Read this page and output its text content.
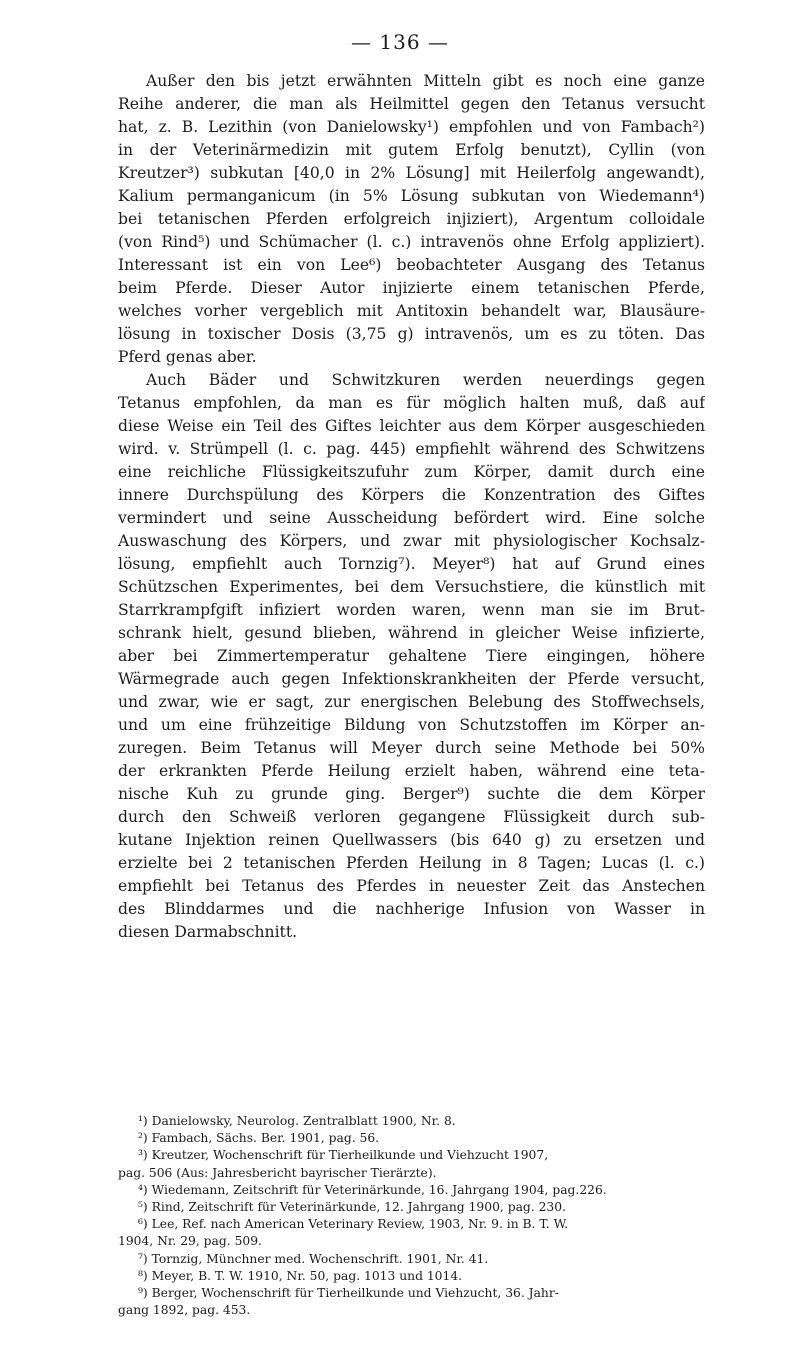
— 136 —
Außer den bis jetzt erwähnten Mitteln gibt es noch eine ganze
Reihe anderer, die man als Heilmittel gegen den Tetanus versucht
hat, z. B. Lezithin (von Danielowsky¹) empfohlen und von Fambach²)
in der Veterinärmedizin mit gutem Erfolg benutzt), Cyllin (von
Kreutzer³) subkutan [40,0 in 2% Lösung] mit Heilerfolg angewandt),
Kalium permanganicum (in 5% Lösung subkutan von Wiedemann⁴)
bei tetanischen Pferden erfolgreich injiziert), Argentum colloidale
(von Rind⁵) und Schümacher (l. c.) intravenös ohne Erfolg appliziert).
Interessant ist ein von Lee⁶) beobachteter Ausgang des Tetanus
beim Pferde. Dieser Autor injizierte einem tetanischen Pferde,
welches vorher vergeblich mit Antitoxin behandelt war, Blausäure-
lösung in toxischer Dosis (3,75 g) intravenös, um es zu töten. Das
Pferd genas aber.
Auch Bäder und Schwitzkuren werden neuerdings gegen
Tetanus empfohlen, da man es für möglich halten muß, daß auf
diese Weise ein Teil des Giftes leichter aus dem Körper ausgeschieden
wird. v. Strümpell (l. c. pag. 445) empfiehlt während des Schwitzens
eine reichliche Flüssigkeitszufuhr zum Körper, damit durch eine
innere Durchspülung des Körpers die Konzentration des Giftes
vermindert und seine Ausscheidung befördert wird. Eine solche
Auswaschung des Körpers, und zwar mit physiologischer Kochsalz-
lösung, empfiehlt auch Tornzig⁷). Meyer⁸) hat auf Grund eines
Schützschen Experimentes, bei dem Versuchstiere, die künstlich mit
Starrkrampfgift infiziert worden waren, wenn man sie im Brut-
schrank hielt, gesund blieben, während in gleicher Weise infizierte,
aber bei Zimmertemperatur gehaltene Tiere eingingen, höhere
Wärmegrade auch gegen Infektionskrankheiten der Pferde versucht,
und zwar, wie er sagt, zur energischen Belebung des Stoffwechsels,
und um eine frühzeitige Bildung von Schutzstoffen im Körper an-
zuregen. Beim Tetanus will Meyer durch seine Methode bei 50%
der erkrankten Pferde Heilung erzielt haben, während eine teta-
nische Kuh zu grunde ging. Berger⁹) suchte die dem Körper
durch den Schweiß verloren gegangene Flüssigkeit durch sub-
kutane Injektion reinen Quellwassers (bis 640 g) zu ersetzen und
erzielte bei 2 tetanischen Pferden Heilung in 8 Tagen; Lucas (l. c.)
empfiehlt bei Tetanus des Pferdes in neuester Zeit das Anstechen
des Blinddarmes und die nachherige Infusion von Wasser in
diesen Darmabschnitt.
¹) Danielowsky, Neurolog. Zentralblatt 1900, Nr. 8.
²) Fambach, Sächs. Ber. 1901, pag. 56.
³) Kreutzer, Wochenschrift für Tierheilkunde und Viehzucht 1907,
pag. 506 (Aus: Jahresbericht bayrischer Tierärzte).
⁴) Wiedemann, Zeitschrift für Veterinärkunde, 16. Jahrgang 1904, pag.226.
⁵) Rind, Zeitschrift für Veterinärkunde, 12. Jahrgang 1900, pag. 230.
⁶) Lee, Ref. nach American Veterinary Review, 1903, Nr. 9. in B. T. W.
1904, Nr. 29, pag. 509.
⁷) Tornzig, Münchner med. Wochenschrift. 1901, Nr. 41.
⁸) Meyer, B. T. W. 1910, Nr. 50, pag. 1013 und 1014.
⁹) Berger, Wochenschrift für Tierheilkunde und Viehzucht, 36. Jahr-
gang 1892, pag. 453.
